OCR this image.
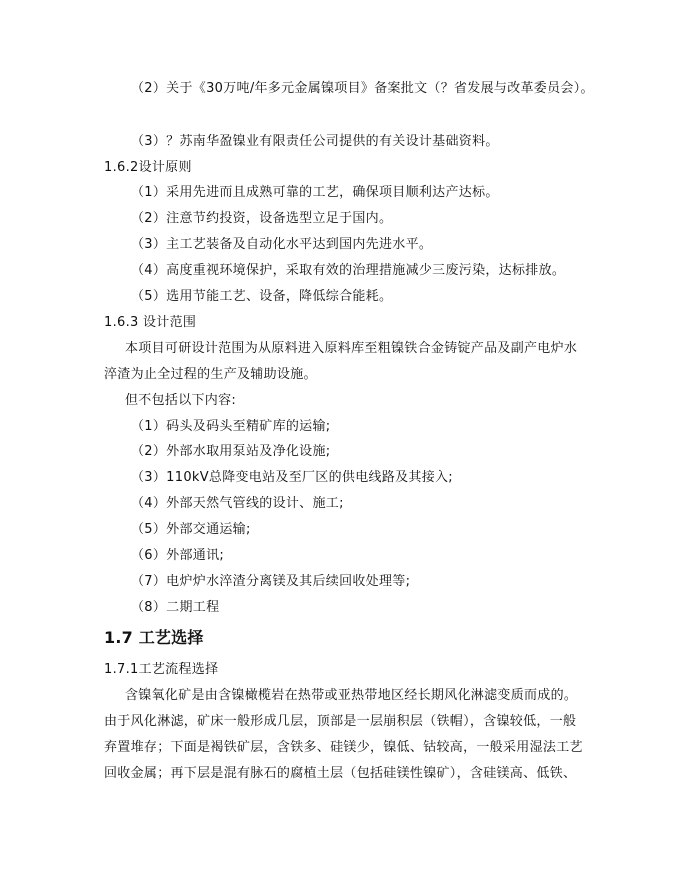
（2）关于《30万吨/年多元金属镍项目》备案批文（？省发展与改革委员会）。
（3）？苏南华盈镍业有限责任公司提供的有关设计基础资料。
1.6.2设计原则
（1）采用先进而且成熟可靠的工艺，确保项目顺利达产达标。
（2）注意节约投资，设备选型立足于国内。
（3）主工艺装备及自动化水平达到国内先进水平。
（4）高度重视环境保护，采取有效的治理措施减少三废污染，达标排放。
（5）选用节能工艺、设备，降低综合能耗。
1.6.3 设计范围
本项目可研设计范围为从原料进入原料库至粗镍铁合金铸锭产品及副产电炉水
淬渣为止全过程的生产及辅助设施。
但不包括以下内容:
（1）码头及码头至精矿库的运输;
（2）外部水取用泵站及净化设施;
（3）110kV总降变电站及至厂区的供电线路及其接入;
（4）外部天然气管线的设计、施工;
（5）外部交通运输;
（6）外部通讯;
（7）电炉炉水淬渣分离镁及其后续回收处理等;
（8）二期工程
1.7 工艺选择
1.7.1工艺流程选择
含镍氧化矿是由含镍橄榄岩在热带或亚热带地区经长期风化淋滤变质而成的。
由于风化淋滤，矿床一般形成几层，顶部是一层崩积层（铁帽），含镍较低，一般
弃置堆存；下面是褐铁矿层，含铁多、硅镁少，镍低、钴较高，一般采用湿法工艺
回收金属；再下层是混有脉石的腐植土层（包括硅镁性镍矿），含硅镁高、低铁、
